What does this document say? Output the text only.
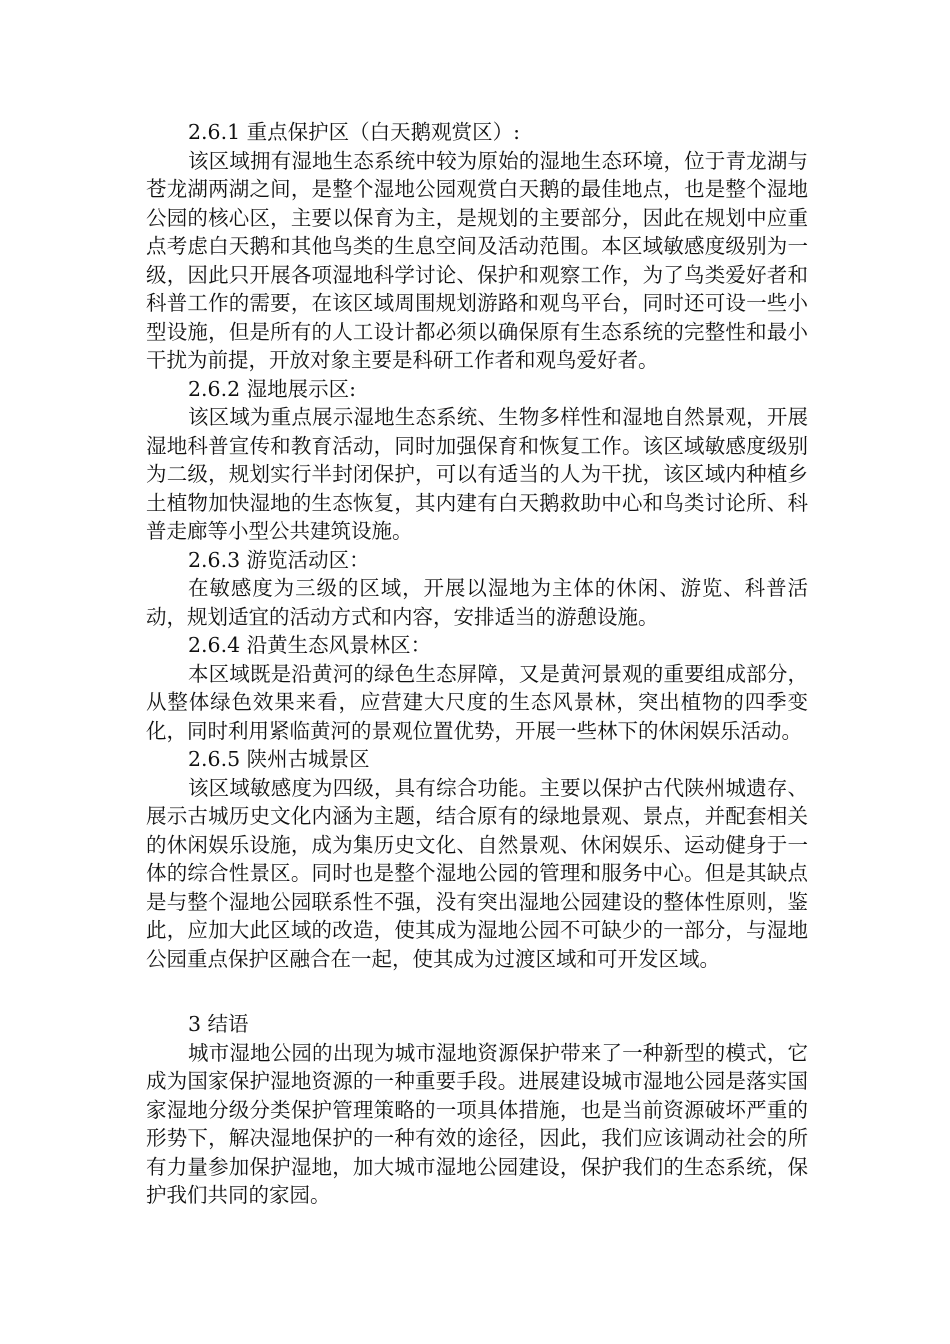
2.6.1 重点保护区（白天鹅观赏区）:

该区域拥有湿地生态系统中较为原始的湿地生态环境，位于青龙湖与苍龙湖两湖之间，是整个湿地公园观赏白天鹅的最佳地点，也是整个湿地公园的核心区，主要以保育为主，是规划的主要部分，因此在规划中应重点考虑白天鹅和其他鸟类的生息空间及活动范围。本区域敏感度级别为一级，因此只开展各项湿地科学讨论、保护和观察工作，为了鸟类爱好者和科普工作的需要，在该区域周围规划游路和观鸟平台，同时还可设一些小型设施，但是所有的人工设计都必须以确保原有生态系统的完整性和最小干扰为前提，开放对象主要是科研工作者和观鸟爱好者。

2.6.2 湿地展示区:

该区域为重点展示湿地生态系统、生物多样性和湿地自然景观，开展湿地科普宣传和教育活动，同时加强保育和恢复工作。该区域敏感度级别为二级，规划实行半封闭保护，可以有适当的人为干扰，该区域内种植乡土植物加快湿地的生态恢复，其内建有白天鹅救助中心和鸟类讨论所、科普走廊等小型公共建筑设施。

2.6.3 游览活动区：

在敏感度为三级的区域，开展以湿地为主体的休闲、游览、科普活动，规划适宜的活动方式和内容，安排适当的游憩设施。

2.6.4 沿黄生态风景林区：

本区域既是沿黄河的绿色生态屏障，又是黄河景观的重要组成部分，从整体绿色效果来看，应营建大尺度的生态风景林，突出植物的四季变化，同时利用紧临黄河的景观位置优势，开展一些林下的休闲娱乐活动。

2.6.5 陕州古城景区

该区域敏感度为四级，具有综合功能。主要以保护古代陕州城遗存、展示古城历史文化内涵为主题，结合原有的绿地景观、景点，并配套相关的休闲娱乐设施，成为集历史文化、自然景观、休闲娱乐、运动健身于一体的综合性景区。同时也是整个湿地公园的管理和服务中心。但是其缺点是与整个湿地公园联系性不强，没有突出湿地公园建设的整体性原则，鉴此，应加大此区域的改造，使其成为湿地公园不可缺少的一部分，与湿地公园重点保护区融合在一起，使其成为过渡区域和可开发区域。

3 结语

城市湿地公园的出现为城市湿地资源保护带来了一种新型的模式，它成为国家保护湿地资源的一种重要手段。进展建设城市湿地公园是落实国家湿地分级分类保护管理策略的一项具体措施，也是当前资源破坏严重的形势下，解决湿地保护的一种有效的途径，因此，我们应该调动社会的所有力量参加保护湿地，加大城市湿地公园建设，保护我们的生态系统，保护我们共同的家园。
